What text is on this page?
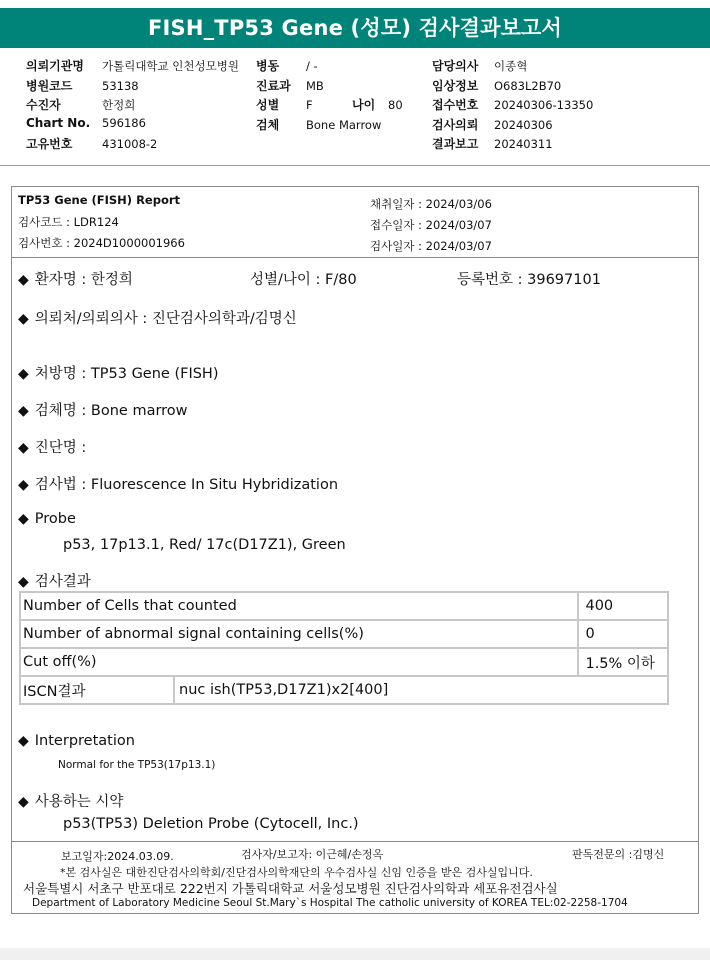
FISH_TP53 Gene (성모) 검사결과보고서
의뢰기관명 가톨릭대학교 인천성모병원
병원코드	53138
수진자	한정희
Chart No. 596186
고유번호	431008-2
병동 / -
진료과 MB
성별 F	나이 80
검체 Bone Marrow
담당의사 이종혁
임상정보 O683L2B70
접수번호 20240306-13350
검사의뢰 20240306
결과보고 20240311
TP53 Gene (FISH) Report
검사코드 : LDR124
검사번호 : 2024D1000001966
채취일자 : 2024/03/06
접수일자 : 2024/03/07
검사일자 : 2024/03/07
◆ 환자명 : 한정희	성별/나이 : F/80	등록번호 : 39697101
◆ 의뢰처/의뢰의사 : 진단검사의학과/김명신
◆ 처방명 : TP53 Gene (FISH)
◆ 검체명 : Bone marrow
◆ 진단명 :
◆ 검사법 : Fluorescence In Situ Hybridization
◆ Probe
p53, 17p13.1, Red/ 17c(D17Z1), Green
◆ 검사결과
Number of Cells that counted		400
Number of abnormal signal containing cells(%)		0
Cut off(%)		1.5% 이하
ISCN결과	nuc ish(TP53,D17Z1)x2[400]	
◆ Interpretation
Normal for the TP53(17p13.1)
◆ 사용하는 시약
p53(TP53) Deletion Probe (Cytocell, Inc.)
보고일자:2024.03.09.	검사자/보고자: 이근혜/손정옥	판독전문의 :김명신
*본 검사실은 대한진단검사의학회/진단검사의학재단의 우수검사실 신임 인증을 받은 검사실입니다.
서울특별시 서초구 반포대로 222번지 가톨릭대학교 서울성모병원 진단검사의학과 세포유전검사실
Department of Laboratory Medicine Seoul St.Mary`s Hospital The catholic university of KOREA TEL:02-2258-1704
